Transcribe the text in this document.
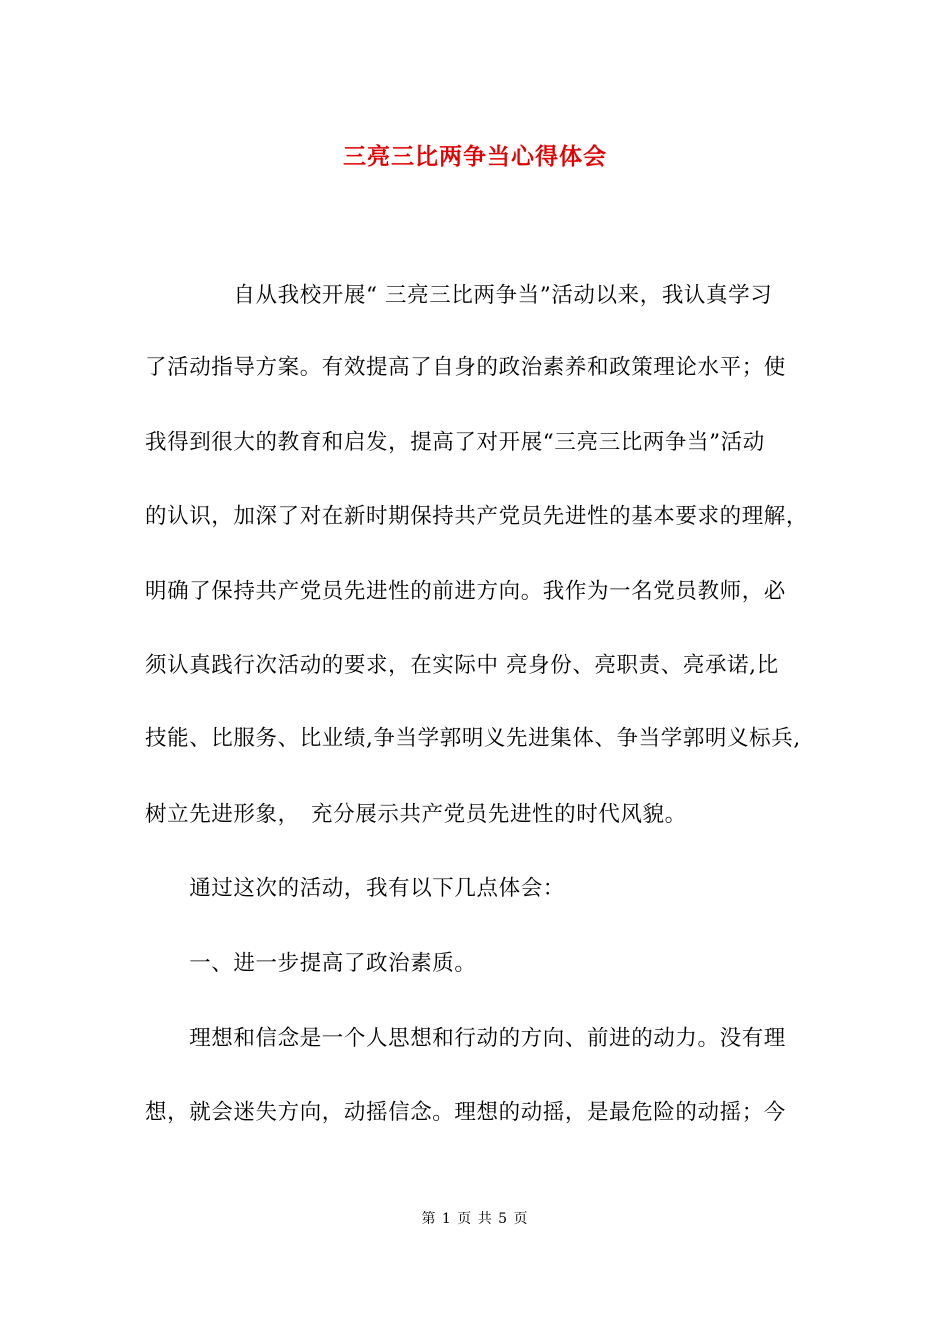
三亮三比两争当心得体会
　　　　自从我校开展“ 三亮三比两争当”活动以来，我认真学习
了活动指导方案。有效提高了自身的政治素养和政策理论水平；使
我得到很大的教育和启发，提高了对开展“三亮三比两争当”活动
的认识，加深了对在新时期保持共产党员先进性的基本要求的理解，
明确了保持共产党员先进性的前进方向。我作为一名党员教师，必
须认真践行次活动的要求，在实际中 亮身份、亮职责、亮承诺,比
技能、比服务、比业绩,争当学郭明义先进集体、争当学郭明义标兵,
树立先进形象，　充分展示共产党员先进性的时代风貌。
　　通过这次的活动，我有以下几点体会：
　　一、进一步提高了政治素质。
　　理想和信念是一个人思想和行动的方向、前进的动力。没有理
想，就会迷失方向，动摇信念。理想的动摇，是最危险的动摇；今
第 1 页 共 5 页
